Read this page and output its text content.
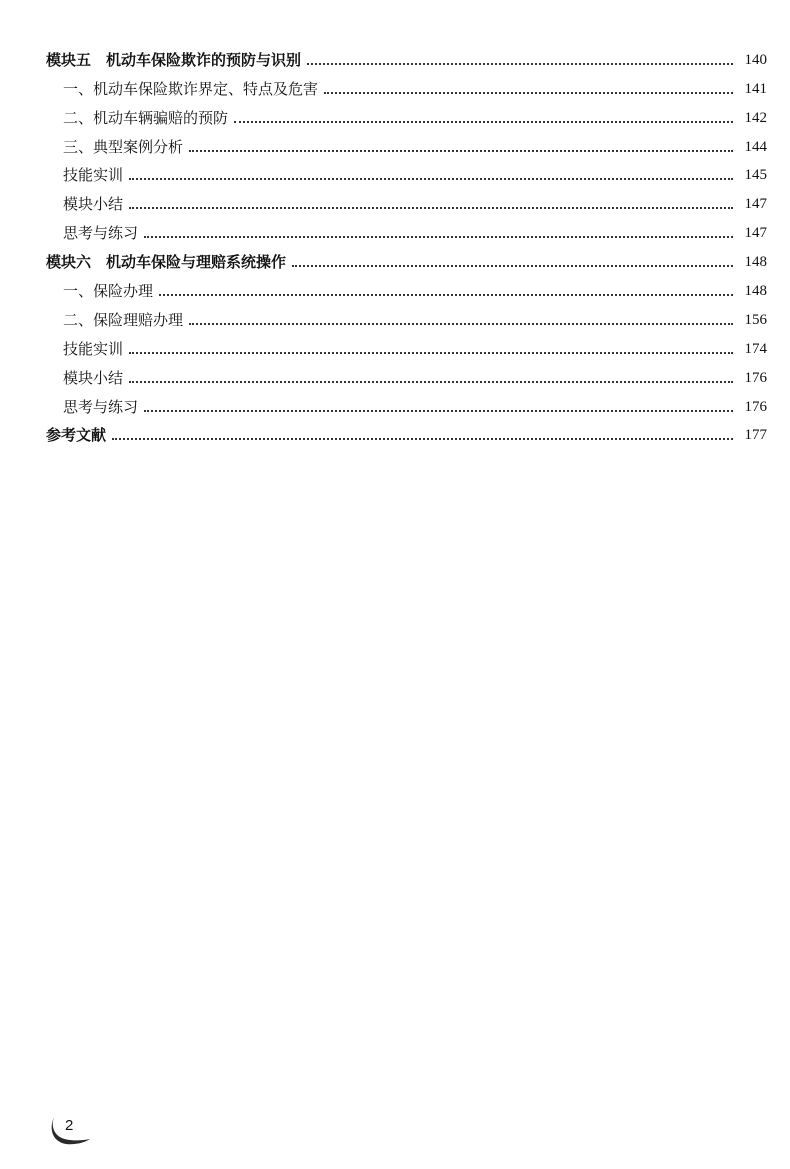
模块五　机动车保险欺诈的预防与识别	140
一、机动车保险欺诈界定、特点及危害	141
二、机动车辆骗赔的预防	142
三、典型案例分析	144
技能实训	145
模块小结	147
思考与练习	147
模块六　机动车保险与理赔系统操作	148
一、保险办理	148
二、保险理赔办理	156
技能实训	174
模块小结	176
思考与练习	176
参考文献	177
2
